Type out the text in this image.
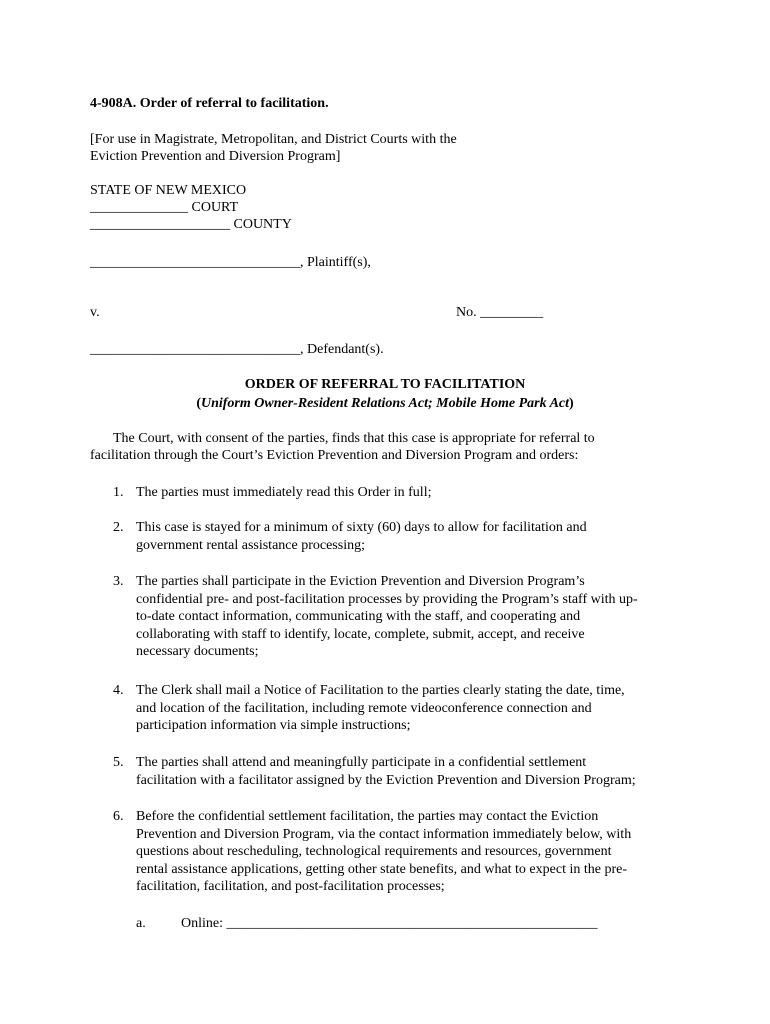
4-908A. Order of referral to facilitation.
[For use in Magistrate, Metropolitan, and District Courts with the
Eviction Prevention and Diversion Program]
STATE OF NEW MEXICO
______________ COURT
____________________ COUNTY
______________________________, Plaintiff(s),
v.	No. _________
______________________________, Defendant(s).
ORDER OF REFERRAL TO FACILITATION
(Uniform Owner-Resident Relations Act; Mobile Home Park Act)
The Court, with consent of the parties, finds that this case is appropriate for referral to
facilitation through the Court’s Eviction Prevention and Diversion Program and orders:
1. The parties must immediately read this Order in full;
2. This case is stayed for a minimum of sixty (60) days to allow for facilitation and
government rental assistance processing;
3. The parties shall participate in the Eviction Prevention and Diversion Program’s
confidential pre- and post-facilitation processes by providing the Program’s staff with up-
to-date contact information, communicating with the staff, and cooperating and
collaborating with staff to identify, locate, complete, submit, accept, and receive
necessary documents;
4. The Clerk shall mail a Notice of Facilitation to the parties clearly stating the date, time,
and location of the facilitation, including remote videoconference connection and
participation information via simple instructions;
5. The parties shall attend and meaningfully participate in a confidential settlement
facilitation with a facilitator assigned by the Eviction Prevention and Diversion Program;
6. Before the confidential settlement facilitation, the parties may contact the Eviction
Prevention and Diversion Program, via the contact information immediately below, with
questions about rescheduling, technological requirements and resources, government
rental assistance applications, getting other state benefits, and what to expect in the pre-
facilitation, facilitation, and post-facilitation processes;
a.	Online: _____________________________________________________
